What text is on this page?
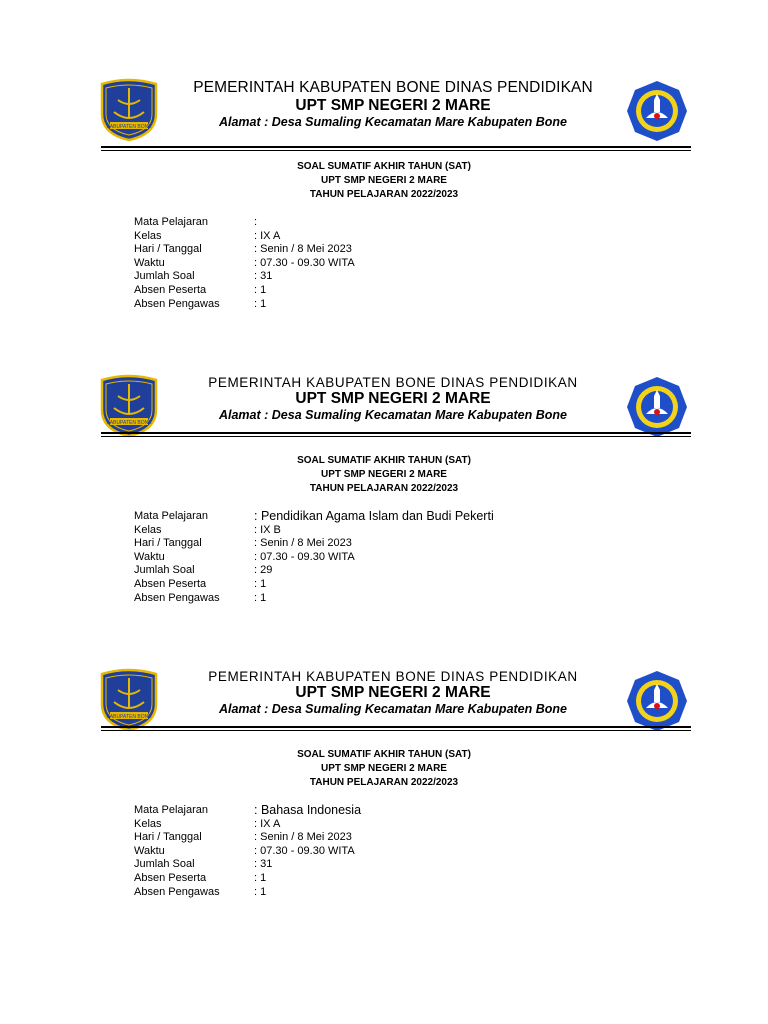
KABUPATEN BONE
PEMERINTAH KABUPATEN BONE DINAS PENDIDIKAN
UPT SMP NEGERI 2 MARE
Alamat : Desa Sumaling Kecamatan Mare Kabupaten Bone
SOAL SUMATIF AKHIR TAHUN (SAT)
UPT SMP NEGERI 2 MARE
TAHUN PELAJARAN 2022/2023
Mata Pelajaran	:
Kelas	: IX A
Hari / Tanggal	: Senin / 8 Mei 2023
Waktu	: 07.30 - 09.30 WITA
Jumlah Soal	: 31
Absen Peserta	: 1
Absen Pengawas	: 1
KABUPATEN BONE
PEMERINTAH KABUPATEN BONE DINAS PENDIDIKAN
UPT SMP NEGERI 2 MARE
Alamat : Desa Sumaling Kecamatan Mare Kabupaten Bone
SOAL SUMATIF AKHIR TAHUN (SAT)
UPT SMP NEGERI 2 MARE
TAHUN PELAJARAN 2022/2023
Mata Pelajaran	: Pendidikan Agama Islam dan Budi Pekerti
Kelas	: IX B
Hari / Tanggal	: Senin / 8 Mei 2023
Waktu	: 07.30 - 09.30 WITA
Jumlah Soal	: 29
Absen Peserta	: 1
Absen Pengawas	: 1
KABUPATEN BONE
PEMERINTAH KABUPATEN BONE DINAS PENDIDIKAN
UPT SMP NEGERI 2 MARE
Alamat : Desa Sumaling Kecamatan Mare Kabupaten Bone
SOAL SUMATIF AKHIR TAHUN (SAT)
UPT SMP NEGERI 2 MARE
TAHUN PELAJARAN 2022/2023
Mata Pelajaran	: Bahasa Indonesia
Kelas	: IX A
Hari / Tanggal	: Senin / 8 Mei 2023
Waktu	: 07.30 - 09.30 WITA
Jumlah Soal	: 31
Absen Peserta	: 1
Absen Pengawas	: 1
